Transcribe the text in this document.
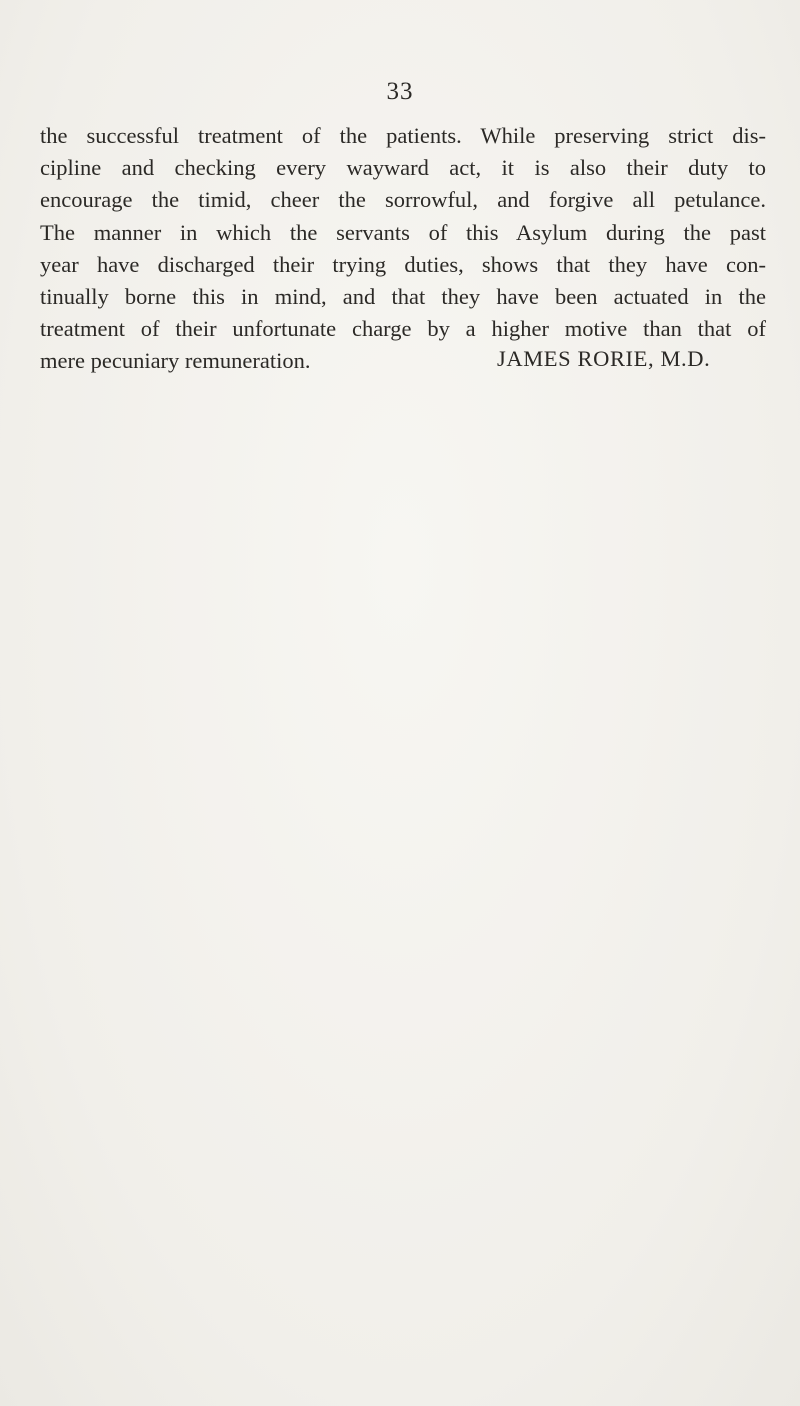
33
the successful treatment of the patients. While preserving strict dis-
cipline and checking every wayward act, it is also their duty to
encourage the timid, cheer the sorrowful, and forgive all petulance.
The manner in which the servants of this Asylum during the past
year have discharged their trying duties, shows that they have con-
tinually borne this in mind, and that they have been actuated in the
treatment of their unfortunate charge by a higher motive than that of
mere pecuniary remuneration.	JAMES RORIE, M.D.
